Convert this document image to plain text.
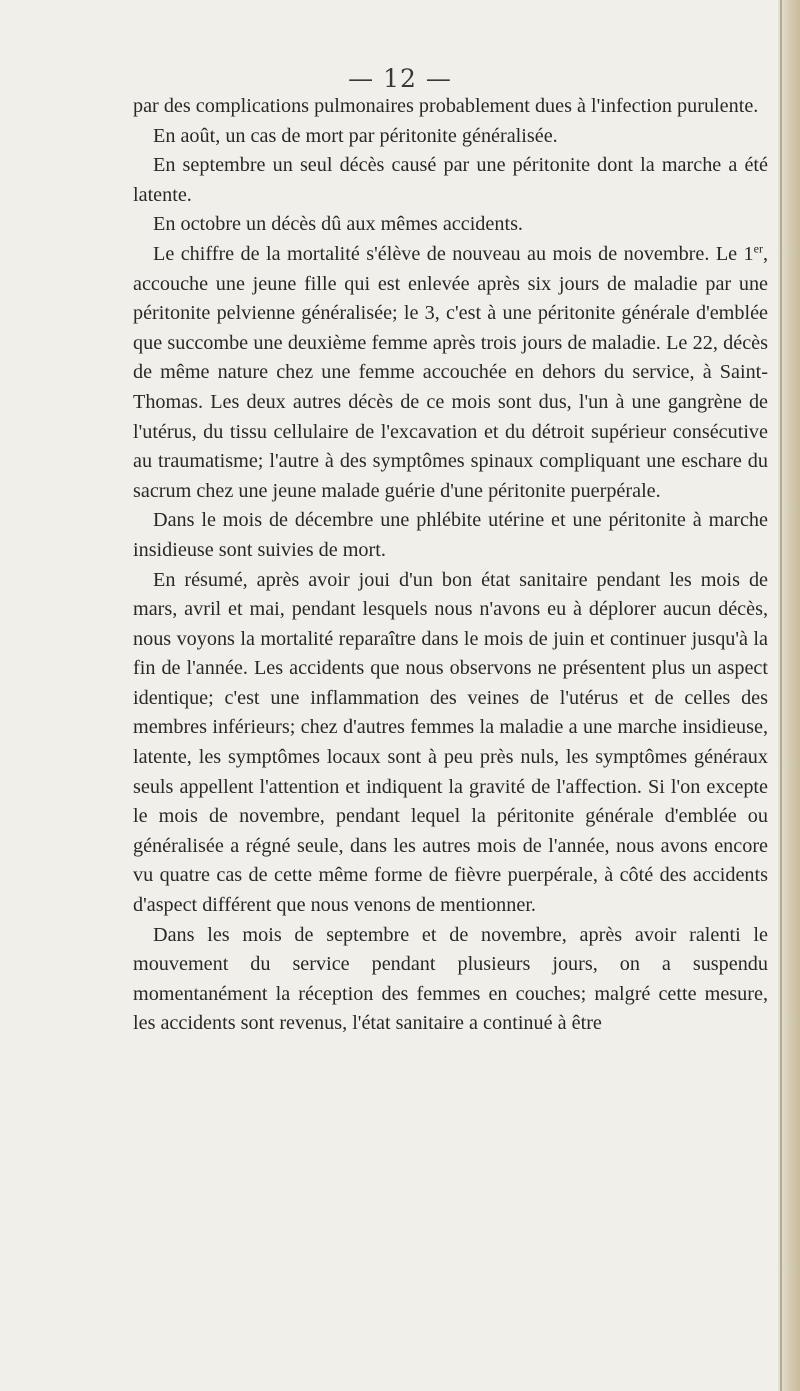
— 12 —

par des complications pulmonaires probablement dues à l'infection purulente.

En août, un cas de mort par péritonite généralisée.

En septembre un seul décès causé par une péritonite dont la marche a été latente.

En octobre un décès dû aux mêmes accidents.

Le chiffre de la mortalité s'élève de nouveau au mois de novembre. Le 1er, accouche une jeune fille qui est enlevée après six jours de maladie par une péritonite pelvienne généralisée; le 3, c'est à une péritonite générale d'emblée que succombe une deuxième femme après trois jours de maladie. Le 22, décès de même nature chez une femme accouchée en dehors du service, à Saint-Thomas. Les deux autres décès de ce mois sont dus, l'un à une gangrène de l'utérus, du tissu cellulaire de l'excavation et du détroit supérieur consécutive au traumatisme; l'autre à des symptômes spinaux compliquant une eschare du sacrum chez une jeune malade guérie d'une péritonite puerpérale.

Dans le mois de décembre une phlébite utérine et une péritonite à marche insidieuse sont suivies de mort.

En résumé, après avoir joui d'un bon état sanitaire pendant les mois de mars, avril et mai, pendant lesquels nous n'avons eu à déplorer aucun décès, nous voyons la mortalité reparaître dans le mois de juin et continuer jusqu'à la fin de l'année. Les accidents que nous observons ne présentent plus un aspect identique; c'est une inflammation des veines de l'utérus et de celles des membres inférieurs; chez d'autres femmes la maladie a une marche insidieuse, latente, les symptômes locaux sont à peu près nuls, les symptômes généraux seuls appellent l'attention et indiquent la gravité de l'affection. Si l'on excepte le mois de novembre, pendant lequel la péritonite générale d'emblée ou généralisée a régné seule, dans les autres mois de l'année, nous avons encore vu quatre cas de cette même forme de fièvre puerpérale, à côté des accidents d'aspect différent que nous venons de mentionner.

Dans les mois de septembre et de novembre, après avoir ralenti le mouvement du service pendant plusieurs jours, on a suspendu momentanément la réception des femmes en couches; malgré cette mesure, les accidents sont revenus, l'état sanitaire a continué à être
